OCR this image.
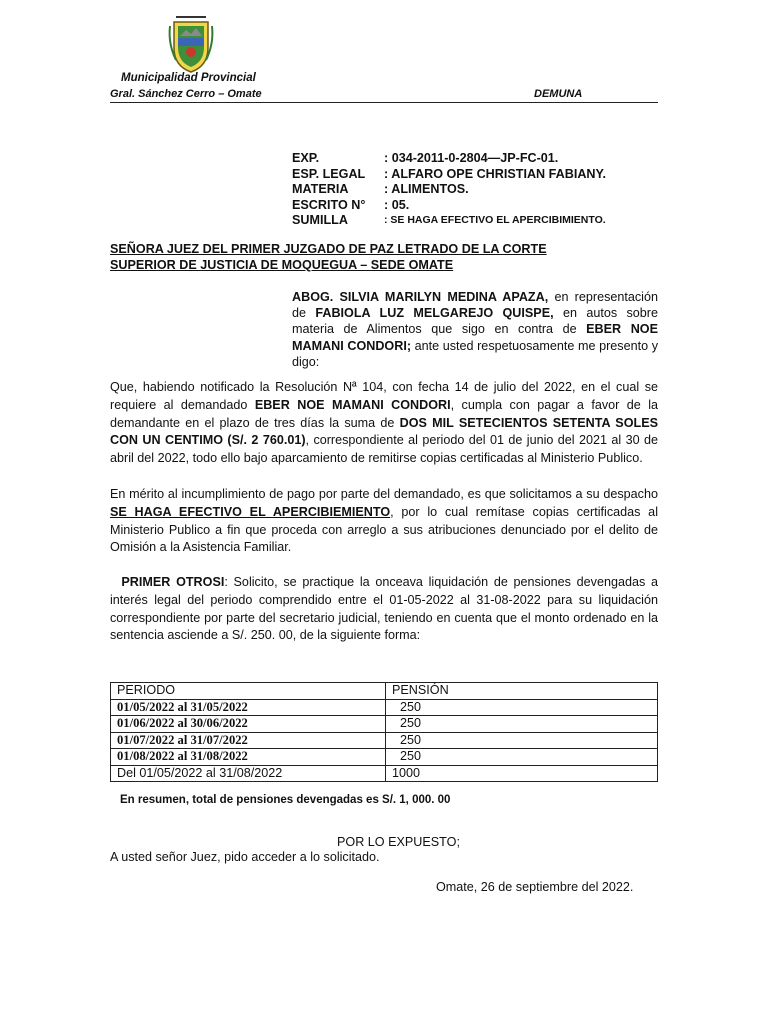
Municipalidad Provincial
Gral. Sánchez Cerro – Omate	DEMUNA
EXP.	: 034-2011-0-2804—JP-FC-01.
ESP. LEGAL	: ALFARO OPE CHRISTIAN FABIANY.
MATERIA	: ALIMENTOS.
ESCRITO N°	: 05.
SUMILLA	: SE HAGA EFECTIVO EL APERCIBIMIENTO.
SEÑORA JUEZ DEL PRIMER JUZGADO DE PAZ LETRADO DE LA CORTE
SUPERIOR DE JUSTICIA DE MOQUEGUA – SEDE OMATE
ABOG. SILVIA MARILYN MEDINA APAZA, en representación de FABIOLA LUZ MELGAREJO QUISPE, en autos sobre materia de Alimentos que sigo en contra de EBER NOE MAMANI CONDORI; ante usted respetuosamente me presento y digo:
Que, habiendo notificado la Resolución Nª 104, con fecha 14 de julio del 2022, en el cual se requiere al demandado EBER NOE MAMANI CONDORI, cumpla con pagar a favor de la demandante en el plazo de tres días la suma de DOS MIL SETECIENTOS SETENTA SOLES CON UN CENTIMO (S/. 2 760.01), correspondiente al periodo del 01 de junio del 2021 al 30 de abril del 2022, todo ello bajo aparcamiento de remitirse copias certificadas al Ministerio Publico.
En mérito al incumplimiento de pago por parte del demandado, es que solicitamos a su despacho SE HAGA EFECTIVO EL APERCIBIEMIENTO, por lo cual remítase copias certificadas al Ministerio Publico a fin que proceda con arreglo a sus atribuciones denunciado por el delito de Omisión a la Asistencia Familiar.
PRIMER OTROSI: Solicito, se practique la onceava liquidación de pensiones devengadas a interés legal del periodo comprendido entre el 01-05-2022 al 31-08-2022 para su liquidación correspondiente por parte del secretario judicial, teniendo en cuenta que el monto ordenado en la sentencia asciende a S/. 250. 00, de la siguiente forma:
PERIODO	PENSIÓN
01/05/2022 al 31/05/2022	250
01/06/2022 al 30/06/2022	250
01/07/2022 al 31/07/2022	250
01/08/2022 al 31/08/2022	250
Del 01/05/2022 al 31/08/2022	1000
En resumen, total de pensiones devengadas es S/. 1, 000. 00
POR LO EXPUESTO;
A usted señor Juez, pido acceder a lo solicitado.
Omate, 26 de septiembre del 2022.
